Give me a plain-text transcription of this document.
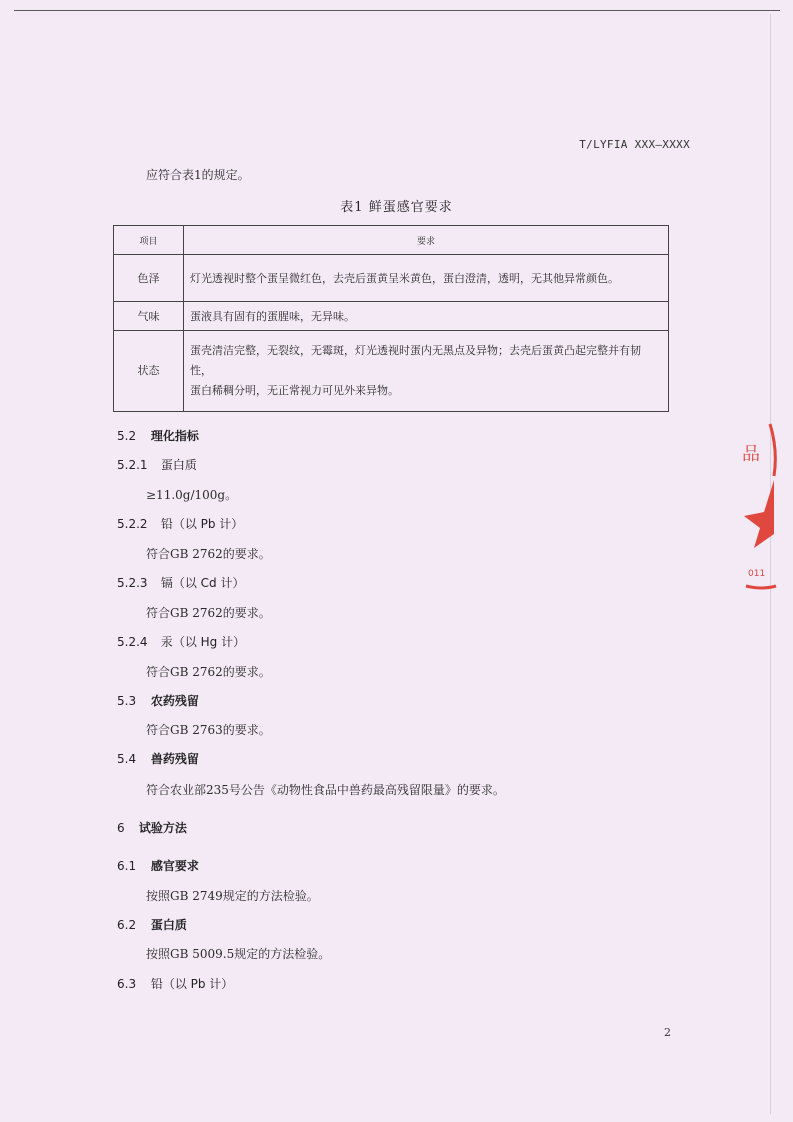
T/LYFIA XXX—XXXX
应符合表1的规定。
表1 鲜蛋感官要求
项目	要求
色泽	灯光透视时整个蛋呈微红色，去壳后蛋黄呈米黄色，蛋白澄清，透明，无其他异常颜色。
气味	蛋液具有固有的蛋腥味，无异味。
状态	蛋壳清洁完整，无裂纹，无霉斑，灯光透视时蛋内无黑点及异物；去壳后蛋黄凸起完整并有韧性，
蛋白稀稠分明，无正常视力可见外来异物。
5.2 理化指标
5.2.1 蛋白质
≥11.0g/100g。
5.2.2 铅（以 Pb 计）
符合GB 2762的要求。
5.2.3 镉（以 Cd 计）
符合GB 2762的要求。
5.2.4 汞（以 Hg 计）
符合GB 2762的要求。
5.3 农药残留
符合GB 2763的要求。
5.4 兽药残留
符合农业部235号公告《动物性食品中兽药最高残留限量》的要求。
6 试验方法
6.1 感官要求
按照GB 2749规定的方法检验。
6.2 蛋白质
按照GB 5009.5规定的方法检验。
6.3 铅（以 Pb 计）
2
品
011
